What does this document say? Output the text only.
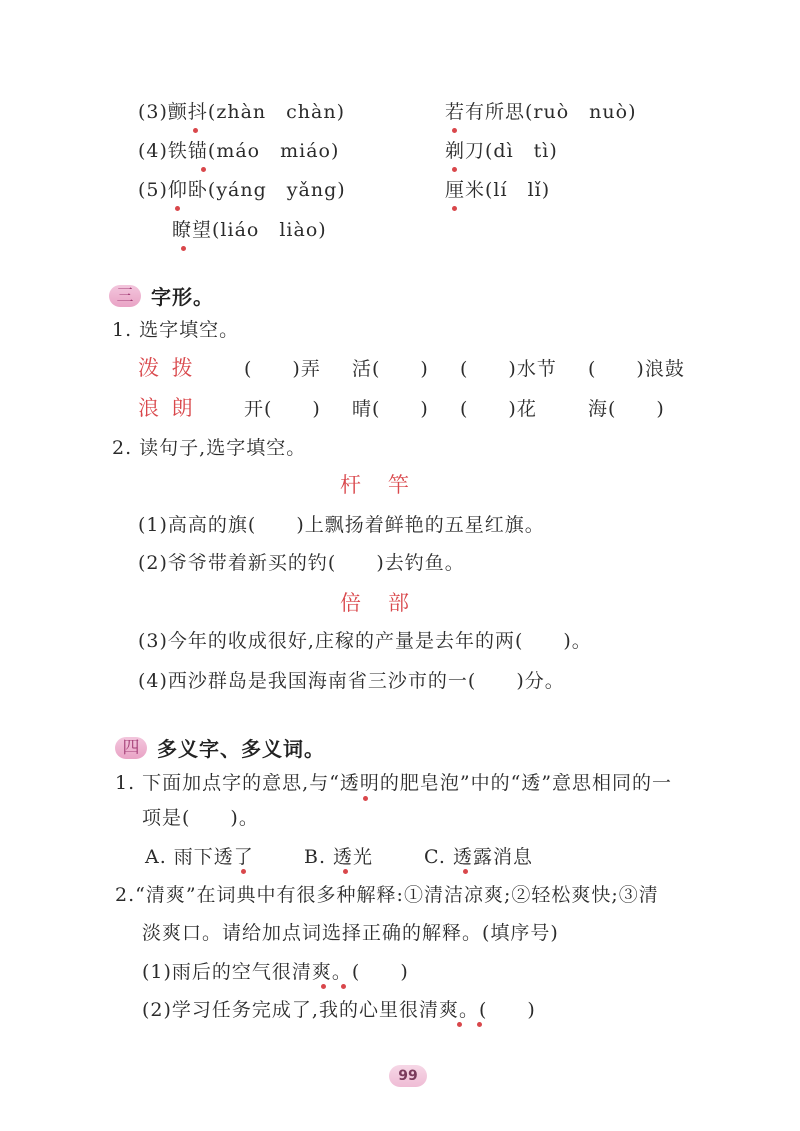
(3)颤抖(zhàn　chàn)	若有所思(ruò　nuò)
(4)铁锚(máo　miáo)	剃刀(dì　tì)
(5)仰卧(yáng　yǎng)	厘米(lí　lǐ)
瞭望(liáo　liào)
三 字形。
1. 选字填空。
泼 拨	(　　)弄 活(　　) (　　)水节 (　　)浪鼓
浪 朗	开(　　) 晴(　　) (　　)花	海(　　)
2. 读句子,选字填空。
杆　竿
(1)高高的旗(　　)上飘扬着鲜艳的五星红旗。
(2)爷爷带着新买的钓(　　)去钓鱼。
倍　部
(3)今年的收成很好,庄稼的产量是去年的两(　　)。
(4)西沙群岛是我国海南省三沙市的一(　　)分。
四 多义字、多义词。
1. 下面加点字的意思,与“透明的肥皂泡”中的“透”意思相同的一
项是(　　)。
A. 雨下透了	B. 透光	C. 透露消息
2.“清爽”在词典中有很多种解释:①清洁凉爽;②轻松爽快;③清
淡爽口。请给加点词选择正确的解释。(填序号)
(1)雨后的空气很清爽。(　　)
(2)学习任务完成了,我的心里很清爽。(　　)
99
